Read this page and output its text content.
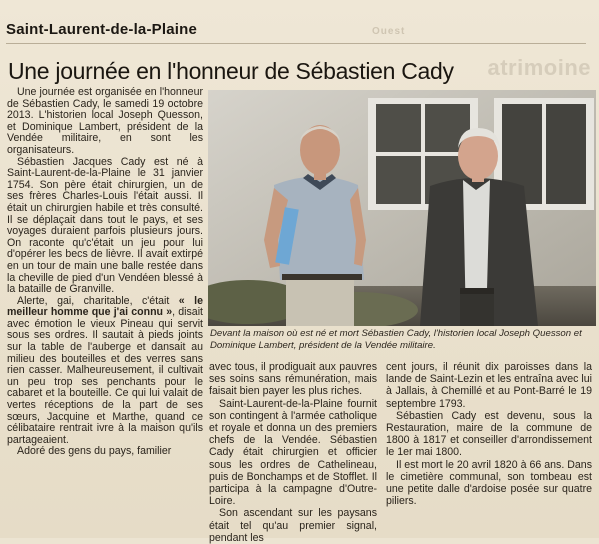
Ouest
atrimoine
Saint-Laurent-de-la-Plaine
Une journée en l'honneur de Sébastien Cady

Une journée est organisée en l'honneur de Sébastien Cady, le samedi 19 octobre 2013. L'historien local Joseph Quesson, et Dominique Lambert, président de la Vendée militaire, en sont les organisateurs.

Sébastien Jacques Cady est né à Saint-Laurent-de-la-Plaine le 31 janvier 1754. Son père était chirurgien, un de ses frères Charles-Louis l'était aussi. Il était un chirurgien habile et très consulté. Il se déplaçait dans tout le pays, et ses voyages duraient parfois plusieurs jours. On raconte qu'c'était un jeu pour lui d'opérer les becs de lièvre. Il avait extirpé en un tour de main une balle restée dans la cheville de pied d'un Vendéen blessé à la bataille de Granville.

Alerte, gai, charitable, c'était « le meilleur homme que j'ai connu », disait avec émotion le vieux Pineau qui servit sous ses ordres. Il sautait à pieds joints sur la table de l'auberge et dansait au milieu des bouteilles et des verres sans rien casser. Malheureusement, il cultivait un peu trop ses penchants pour le cabaret et la bouteille. Ce qui lui valait de vertes réceptions de la part de ses sœurs, Jacquine et Marthe, quand ce célibataire rentrait ivre à la maison qu'ils partageaient.

Adoré des gens du pays, familier

Devant la maison où est né et mort Sébastien Cady, l'historien local Joseph Quesson et Dominique Lambert, président de la Vendée militaire.

avec tous, il prodiguait aux pauvres ses soins sans rémunération, mais faisait bien payer les plus riches.

Saint-Laurent-de-la-Plaine fournit son contingent à l'armée catholique et royale et donna un des premiers chefs de la Vendée. Sébastien Cady était chirurgien et officier sous les ordres de Cathelineau, puis de Bonchamps et de Stofflet. Il participa à la campagne d'Outre-Loire.

Son ascendant sur les paysans était tel qu'au premier signal, pendant les

cent jours, il réunit dix paroisses dans la lande de Saint-Lezin et les entraîna avec lui à Jallais, à Chemillé et au Pont-Barré le 19 septembre 1793.

Sébastien Cady est devenu, sous la Restauration, maire de la commune de 1800 à 1817 et conseiller d'arrondissement le 1er mai 1800.

Il est mort le 20 avril 1820 à 66 ans. Dans le cimetière communal, son tombeau est une petite dalle d'ardoise posée sur quatre piliers.
